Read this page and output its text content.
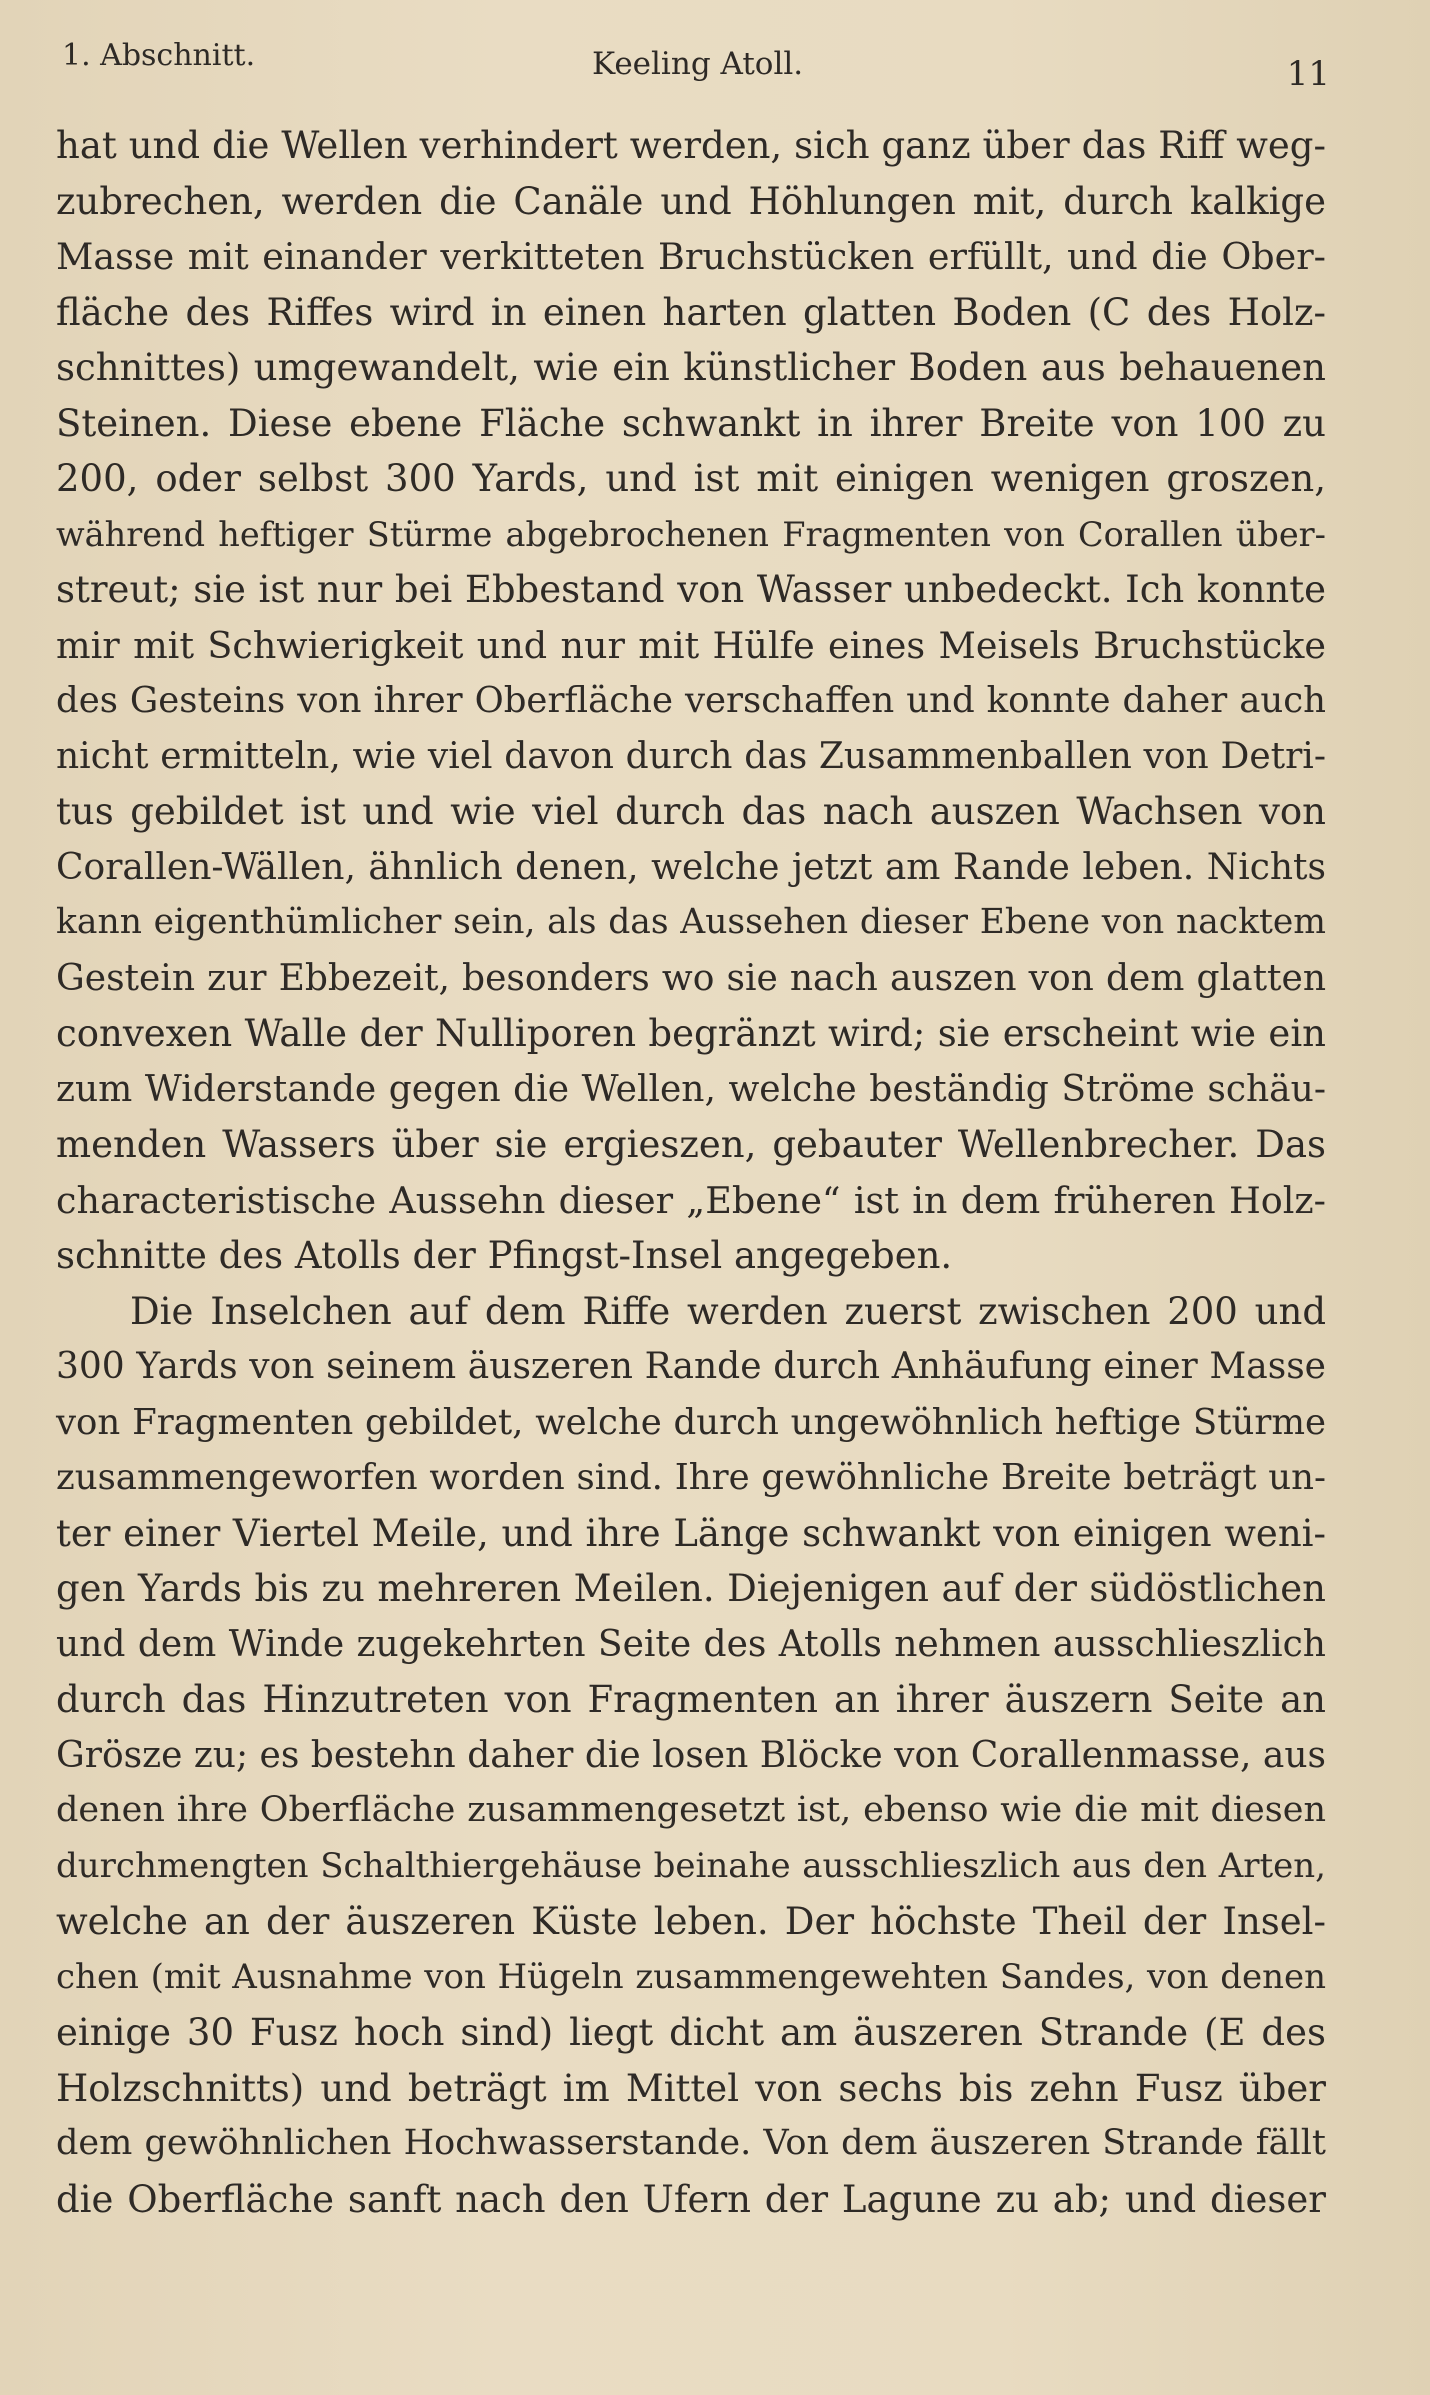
1. Abschnitt.	Keeling Atoll.	11
hat und die Wellen verhindert werden, sich ganz über das Riff weg-
zubrechen, werden die Canäle und Höhlungen mit, durch kalkige
Masse mit einander verkitteten Bruchstücken erfüllt, und die Ober-
fläche des Riffes wird in einen harten glatten Boden (C des Holz-
schnittes) umgewandelt, wie ein künstlicher Boden aus behauenen
Steinen. Diese ebene Fläche schwankt in ihrer Breite von 100 zu
200, oder selbst 300 Yards, und ist mit einigen wenigen groszen,
während heftiger Stürme abgebrochenen Fragmenten von Corallen über-
streut; sie ist nur bei Ebbestand von Wasser unbedeckt. Ich konnte
mir mit Schwierigkeit und nur mit Hülfe eines Meisels Bruchstücke
des Gesteins von ihrer Oberfläche verschaffen und konnte daher auch
nicht ermitteln, wie viel davon durch das Zusammenballen von Detri-
tus gebildet ist und wie viel durch das nach auszen Wachsen von
Corallen-Wällen, ähnlich denen, welche jetzt am Rande leben. Nichts
kann eigenthümlicher sein, als das Aussehen dieser Ebene von nacktem
Gestein zur Ebbezeit, besonders wo sie nach auszen von dem glatten
convexen Walle der Nulliporen begränzt wird; sie erscheint wie ein
zum Widerstande gegen die Wellen, welche beständig Ströme schäu-
menden Wassers über sie ergieszen, gebauter Wellenbrecher. Das
characteristische Aussehn dieser „Ebene“ ist in dem früheren Holz-
schnitte des Atolls der Pfingst-Insel angegeben.
Die Inselchen auf dem Riffe werden zuerst zwischen 200 und
300 Yards von seinem äuszeren Rande durch Anhäufung einer Masse
von Fragmenten gebildet, welche durch ungewöhnlich heftige Stürme
zusammengeworfen worden sind. Ihre gewöhnliche Breite beträgt un-
ter einer Viertel Meile, und ihre Länge schwankt von einigen weni-
gen Yards bis zu mehreren Meilen. Diejenigen auf der südöstlichen
und dem Winde zugekehrten Seite des Atolls nehmen ausschlieszlich
durch das Hinzutreten von Fragmenten an ihrer äuszern Seite an
Grösze zu; es bestehn daher die losen Blöcke von Corallenmasse, aus
denen ihre Oberfläche zusammengesetzt ist, ebenso wie die mit diesen
durchmengten Schalthiergehäuse beinahe ausschlieszlich aus den Arten,
welche an der äuszeren Küste leben. Der höchste Theil der Insel-
chen (mit Ausnahme von Hügeln zusammengewehten Sandes, von denen
einige 30 Fusz hoch sind) liegt dicht am äuszeren Strande (E des
Holzschnitts) und beträgt im Mittel von sechs bis zehn Fusz über
dem gewöhnlichen Hochwasserstande. Von dem äuszeren Strande fällt
die Oberfläche sanft nach den Ufern der Lagune zu ab; und dieser
